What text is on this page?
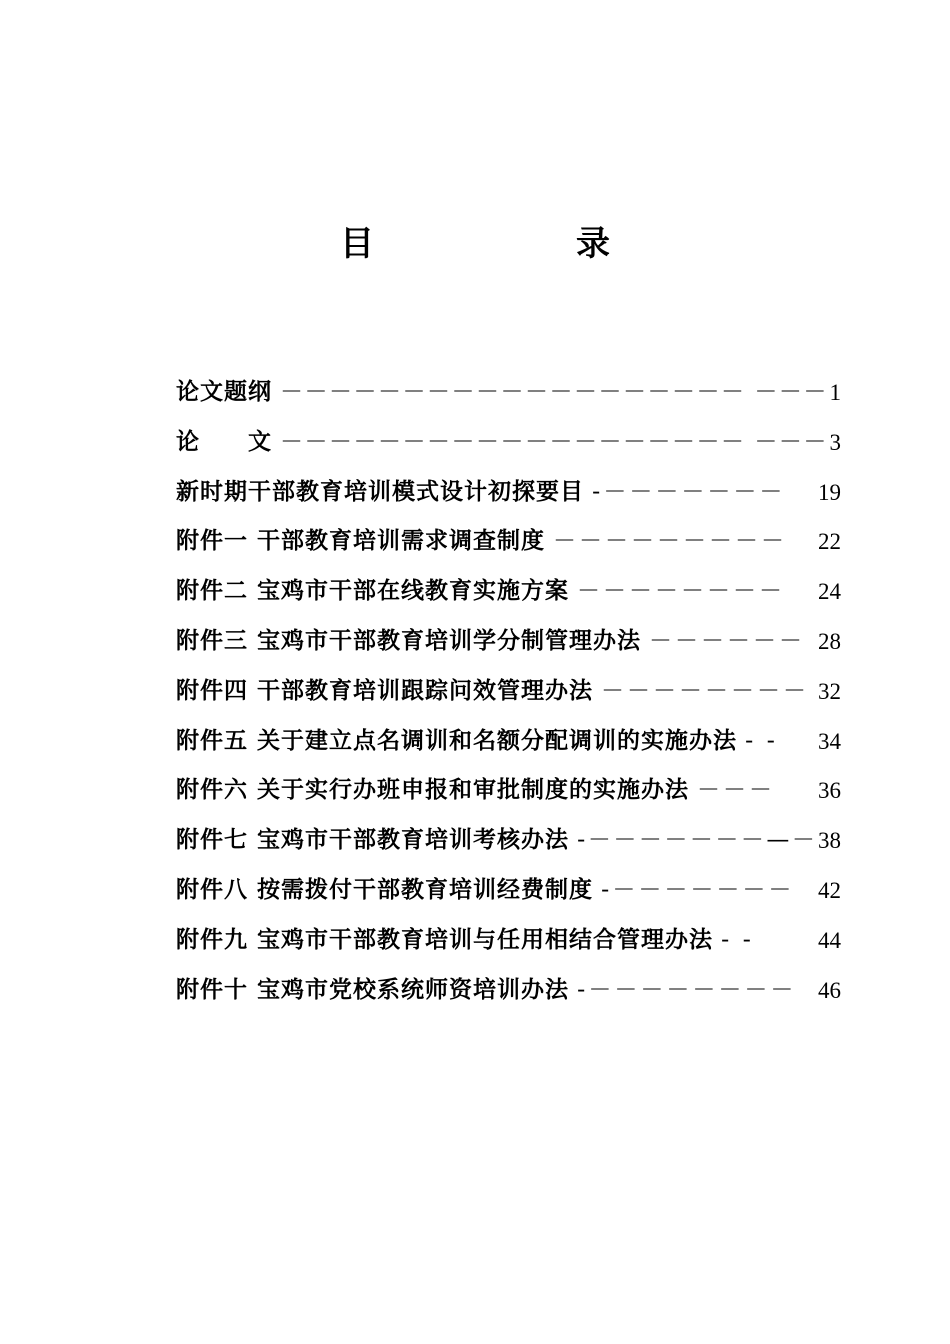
目　录
论文题纲 －－－－－－－－－－－－－－－－－－－ －－－ 1
论　　文 －－－－－－－－－－－－－－－－－－－ －－－ 3
新时期干部教育培训模式设计初探要目 -－－－－－－－ 19
附件一 干部教育培训需求调查制度 －－－－－－－－－ 22
附件二 宝鸡市干部在线教育实施方案 －－－－－－－－ 24
附件三 宝鸡市干部教育培训学分制管理办法 －－－－－－ 28
附件四 干部教育培训跟踪问效管理办法 －－－－－－－－ 32
附件五 关于建立点名调训和名额分配调训的实施办法 - - 34
附件六 关于实行办班申报和审批制度的实施办法 －－－ 36
附件七 宝鸡市干部教育培训考核办法 -－－－－－－－—－ 38
附件八 按需拨付干部教育培训经费制度 -－－－－－－－ 42
附件九 宝鸡市干部教育培训与任用相结合管理办法 - -	44
附件十 宝鸡市党校系统师资培训办法 -－－－－－－－－ 46
